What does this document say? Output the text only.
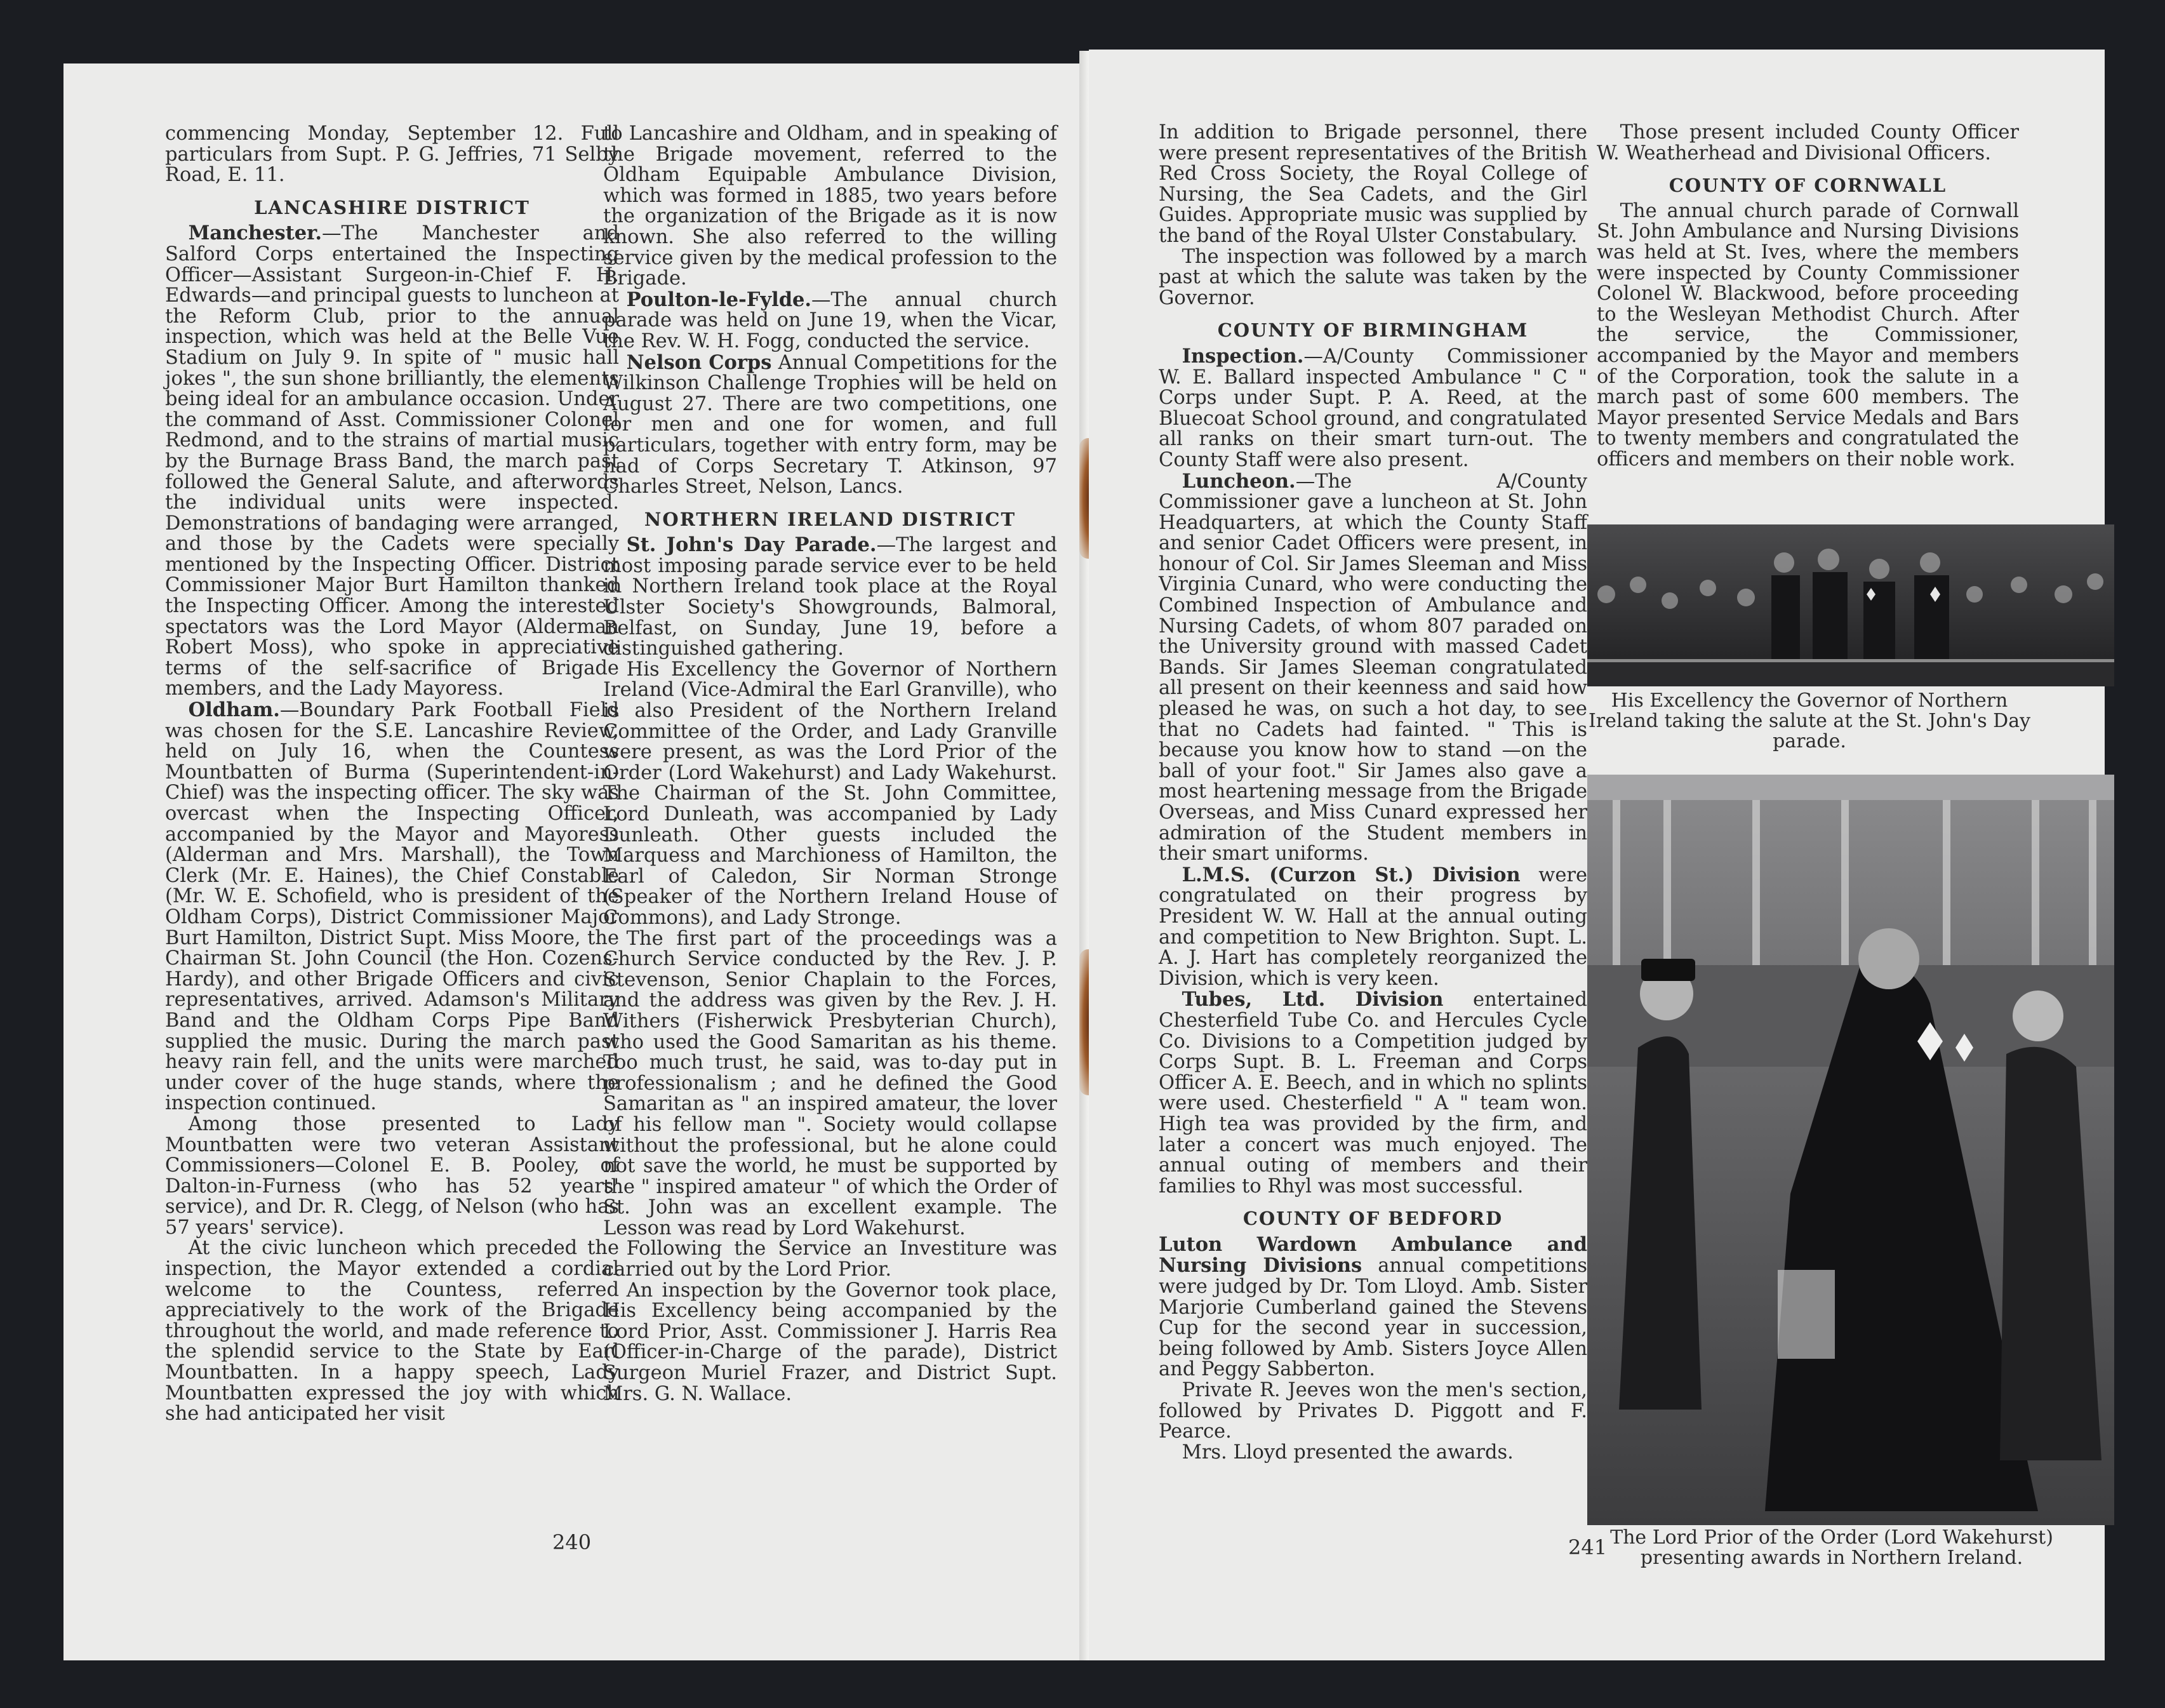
commencing Monday, September 12. Full particulars from Supt. P. G. Jeffries, 71 Selby Road, E. 11.

LANCASHIRE DISTRICT

Manchester.—The Manchester and Salford Corps entertained the Inspecting Officer—Assistant Surgeon-in-Chief F. H. Edwards—and principal guests to luncheon at the Reform Club, prior to the annual inspection, which was held at the Belle Vue Stadium on July 9. In spite of " music hall jokes ", the sun shone brilliantly, the elements being ideal for an ambulance occasion. Under the command of Asst. Commissioner Colonel Redmond, and to the strains of martial music by the Burnage Brass Band, the march past followed the General Salute, and afterwords the individual units were inspected. Demonstrations of bandaging were arranged, and those by the Cadets were specially mentioned by the Inspecting Officer. District Commissioner Major Burt Hamilton thanked the Inspecting Officer. Among the interested spectators was the Lord Mayor (Alderman Robert Moss), who spoke in appreciative terms of the self-sacrifice of Brigade members, and the Lady Mayoress.

Oldham.—Boundary Park Football Field was chosen for the S.E. Lancashire Review, held on July 16, when the Countess Mountbatten of Burma (Superintendent-in-Chief) was the inspecting officer. The sky was overcast when the Inspecting Officer, accompanied by the Mayor and Mayoress (Alderman and Mrs. Marshall), the Town Clerk (Mr. E. Haines), the Chief Constable (Mr. W. E. Schofield, who is president of the Oldham Corps), District Commissioner Major Burt Hamilton, District Supt. Miss Moore, the Chairman St. John Council (the Hon. Cozens-Hardy), and other Brigade Officers and civic representatives, arrived. Adamson's Military Band and the Oldham Corps Pipe Band supplied the music. During the march past heavy rain fell, and the units were marched under cover of the huge stands, where the inspection continued.

Among those presented to Lady Mountbatten were two veteran Assistant Commissioners—Colonel E. B. Pooley, of Dalton-in-Furness (who has 52 years' service), and Dr. R. Clegg, of Nelson (who has 57 years' service).

At the civic luncheon which preceded the inspection, the Mayor extended a cordial welcome to the Countess, referred appreciatively to the work of the Brigade throughout the world, and made reference to the splendid service to the State by Earl Mountbatten. In a happy speech, Lady Mountbatten expressed the joy with which she had anticipated her visit

to Lancashire and Oldham, and in speaking of the Brigade movement, referred to the Oldham Equipable Ambulance Division, which was formed in 1885, two years before the organization of the Brigade as it is now known. She also referred to the willing service given by the medical profession to the Brigade.

Poulton-le-Fylde.—The annual church parade was held on June 19, when the Vicar, the Rev. W. H. Fogg, conducted the service.

Nelson Corps Annual Competitions for the Wilkinson Challenge Trophies will be held on August 27. There are two competitions, one for men and one for women, and full particulars, together with entry form, may be had of Corps Secretary T. Atkinson, 97 Charles Street, Nelson, Lancs.

NORTHERN IRELAND DISTRICT

St. John's Day Parade.—The largest and most imposing parade service ever to be held in Northern Ireland took place at the Royal Ulster Society's Showgrounds, Balmoral, Belfast, on Sunday, June 19, before a distinguished gathering.

His Excellency the Governor of Northern Ireland (Vice-Admiral the Earl Granville), who is also President of the Northern Ireland Committee of the Order, and Lady Granville were present, as was the Lord Prior of the Order (Lord Wakehurst) and Lady Wakehurst. The Chairman of the St. John Committee, Lord Dunleath, was accompanied by Lady Dunleath. Other guests included the Marquess and Marchioness of Hamilton, the Earl of Caledon, Sir Norman Stronge (Speaker of the Northern Ireland House of Commons), and Lady Stronge.

The first part of the proceedings was a Church Service conducted by the Rev. J. P. Stevenson, Senior Chaplain to the Forces, and the address was given by the Rev. J. H. Withers (Fisherwick Presbyterian Church), who used the Good Samaritan as his theme. Too much trust, he said, was to-day put in professionalism ; and he defined the Good Samaritan as " an inspired amateur, the lover of his fellow man ". Society would collapse without the professional, but he alone could not save the world, he must be supported by the " inspired amateur " of which the Order of St. John was an excellent example. The Lesson was read by Lord Wakehurst.

Following the Service an Investiture was carried out by the Lord Prior.

An inspection by the Governor took place, His Excellency being accompanied by the Lord Prior, Asst. Commissioner J. Harris Rea (Officer-in-Charge of the parade), District Surgeon Muriel Frazer, and District Supt. Mrs. G. N. Wallace.

240

In addition to Brigade personnel, there were present representatives of the British Red Cross Society, the Royal College of Nursing, the Sea Cadets, and the Girl Guides. Appropriate music was supplied by the band of the Royal Ulster Constabulary.

The inspection was followed by a march past at which the salute was taken by the Governor.

COUNTY OF BIRMINGHAM

Inspection.—A/County Commissioner W. E. Ballard inspected Ambulance " C " Corps under Supt. P. A. Reed, at the Bluecoat School ground, and congratulated all ranks on their smart turn-out. The County Staff were also present.

Luncheon.—The A/County Commissioner gave a luncheon at St. John Headquarters, at which the County Staff and senior Cadet Officers were present, in honour of Col. Sir James Sleeman and Miss Virginia Cunard, who were conducting the Combined Inspection of Ambulance and Nursing Cadets, of whom 807 paraded on the University ground with massed Cadet Bands. Sir James Sleeman congratulated all present on their keenness and said how pleased he was, on such a hot day, to see that no Cadets had fainted. " This is because you know how to stand —on the ball of your foot." Sir James also gave a most heartening message from the Brigade Overseas, and Miss Cunard expressed her admiration of the Student members in their smart uniforms.

L.M.S. (Curzon St.) Division were congratulated on their progress by President W. W. Hall at the annual outing and competition to New Brighton. Supt. L. A. J. Hart has completely reorganized the Division, which is very keen.

Tubes, Ltd. Division entertained Chesterfield Tube Co. and Hercules Cycle Co. Divisions to a Competition judged by Corps Supt. B. L. Freeman and Corps Officer A. E. Beech, and in which no splints were used. Chesterfield " A " team won. High tea was provided by the firm, and later a concert was much enjoyed. The annual outing of members and their families to Rhyl was most successful.

COUNTY OF BEDFORD

Luton Wardown Ambulance and Nursing Divisions annual competitions were judged by Dr. Tom Lloyd. Amb. Sister Marjorie Cumberland gained the Stevens Cup for the second year in succession, being followed by Amb. Sisters Joyce Allen and Peggy Sabberton.

Private R. Jeeves won the men's section, followed by Privates D. Piggott and F. Pearce.

Mrs. Lloyd presented the awards.

Those present included County Officer W. Weatherhead and Divisional Officers.

COUNTY OF CORNWALL

The annual church parade of Cornwall St. John Ambulance and Nursing Divisions was held at St. Ives, where the members were inspected by County Commissioner Colonel W. Blackwood, before proceeding to the Wesleyan Methodist Church. After the service, the Commissioner, accompanied by the Mayor and members of the Corporation, took the salute in a march past of some 600 members. The Mayor presented Service Medals and Bars to twenty members and congratulated the officers and members on their noble work.

His Excellency the Governor of Northern Ireland taking the salute at the St. John's Day parade.
The Lord Prior of the Order (Lord Wakehurst) presenting awards in Northern Ireland.
241
